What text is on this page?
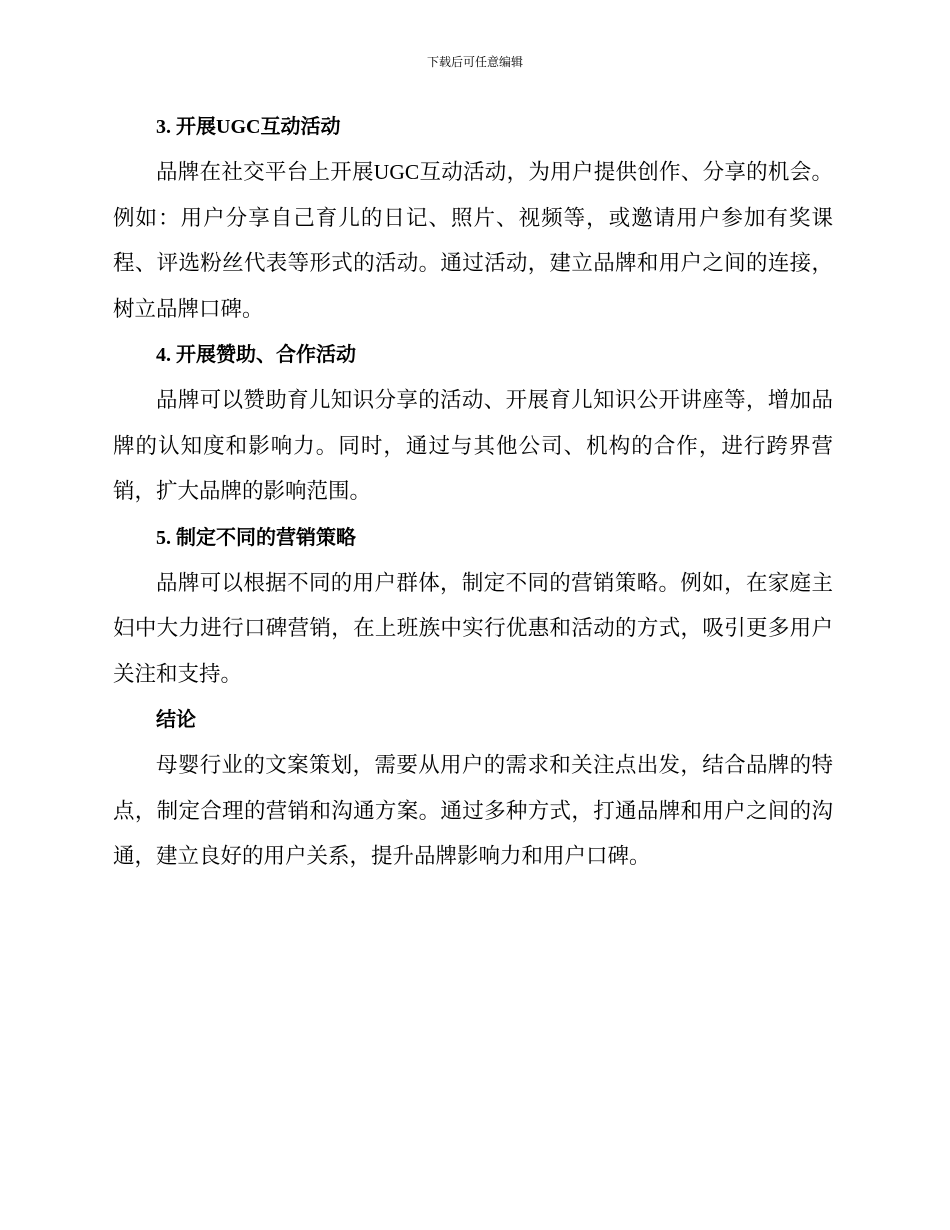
下载后可任意编辑
3. 开展UGC互动活动

品牌在社交平台上开展UGC互动活动，为用户提供创作、分享的机会。例如：用户分享自己育儿的日记、照片、视频等，或邀请用户参加有奖课程、评选粉丝代表等形式的活动。通过活动，建立品牌和用户之间的连接，树立品牌口碑。

4. 开展赞助、合作活动

品牌可以赞助育儿知识分享的活动、开展育儿知识公开讲座等，增加品牌的认知度和影响力。同时，通过与其他公司、机构的合作，进行跨界营销，扩大品牌的影响范围。

5. 制定不同的营销策略

品牌可以根据不同的用户群体，制定不同的营销策略。例如，在家庭主妇中大力进行口碑营销，在上班族中实行优惠和活动的方式，吸引更多用户关注和支持。

结论

母婴行业的文案策划，需要从用户的需求和关注点出发，结合品牌的特点，制定合理的营销和沟通方案。通过多种方式，打通品牌和用户之间的沟通，建立良好的用户关系，提升品牌影响力和用户口碑。
